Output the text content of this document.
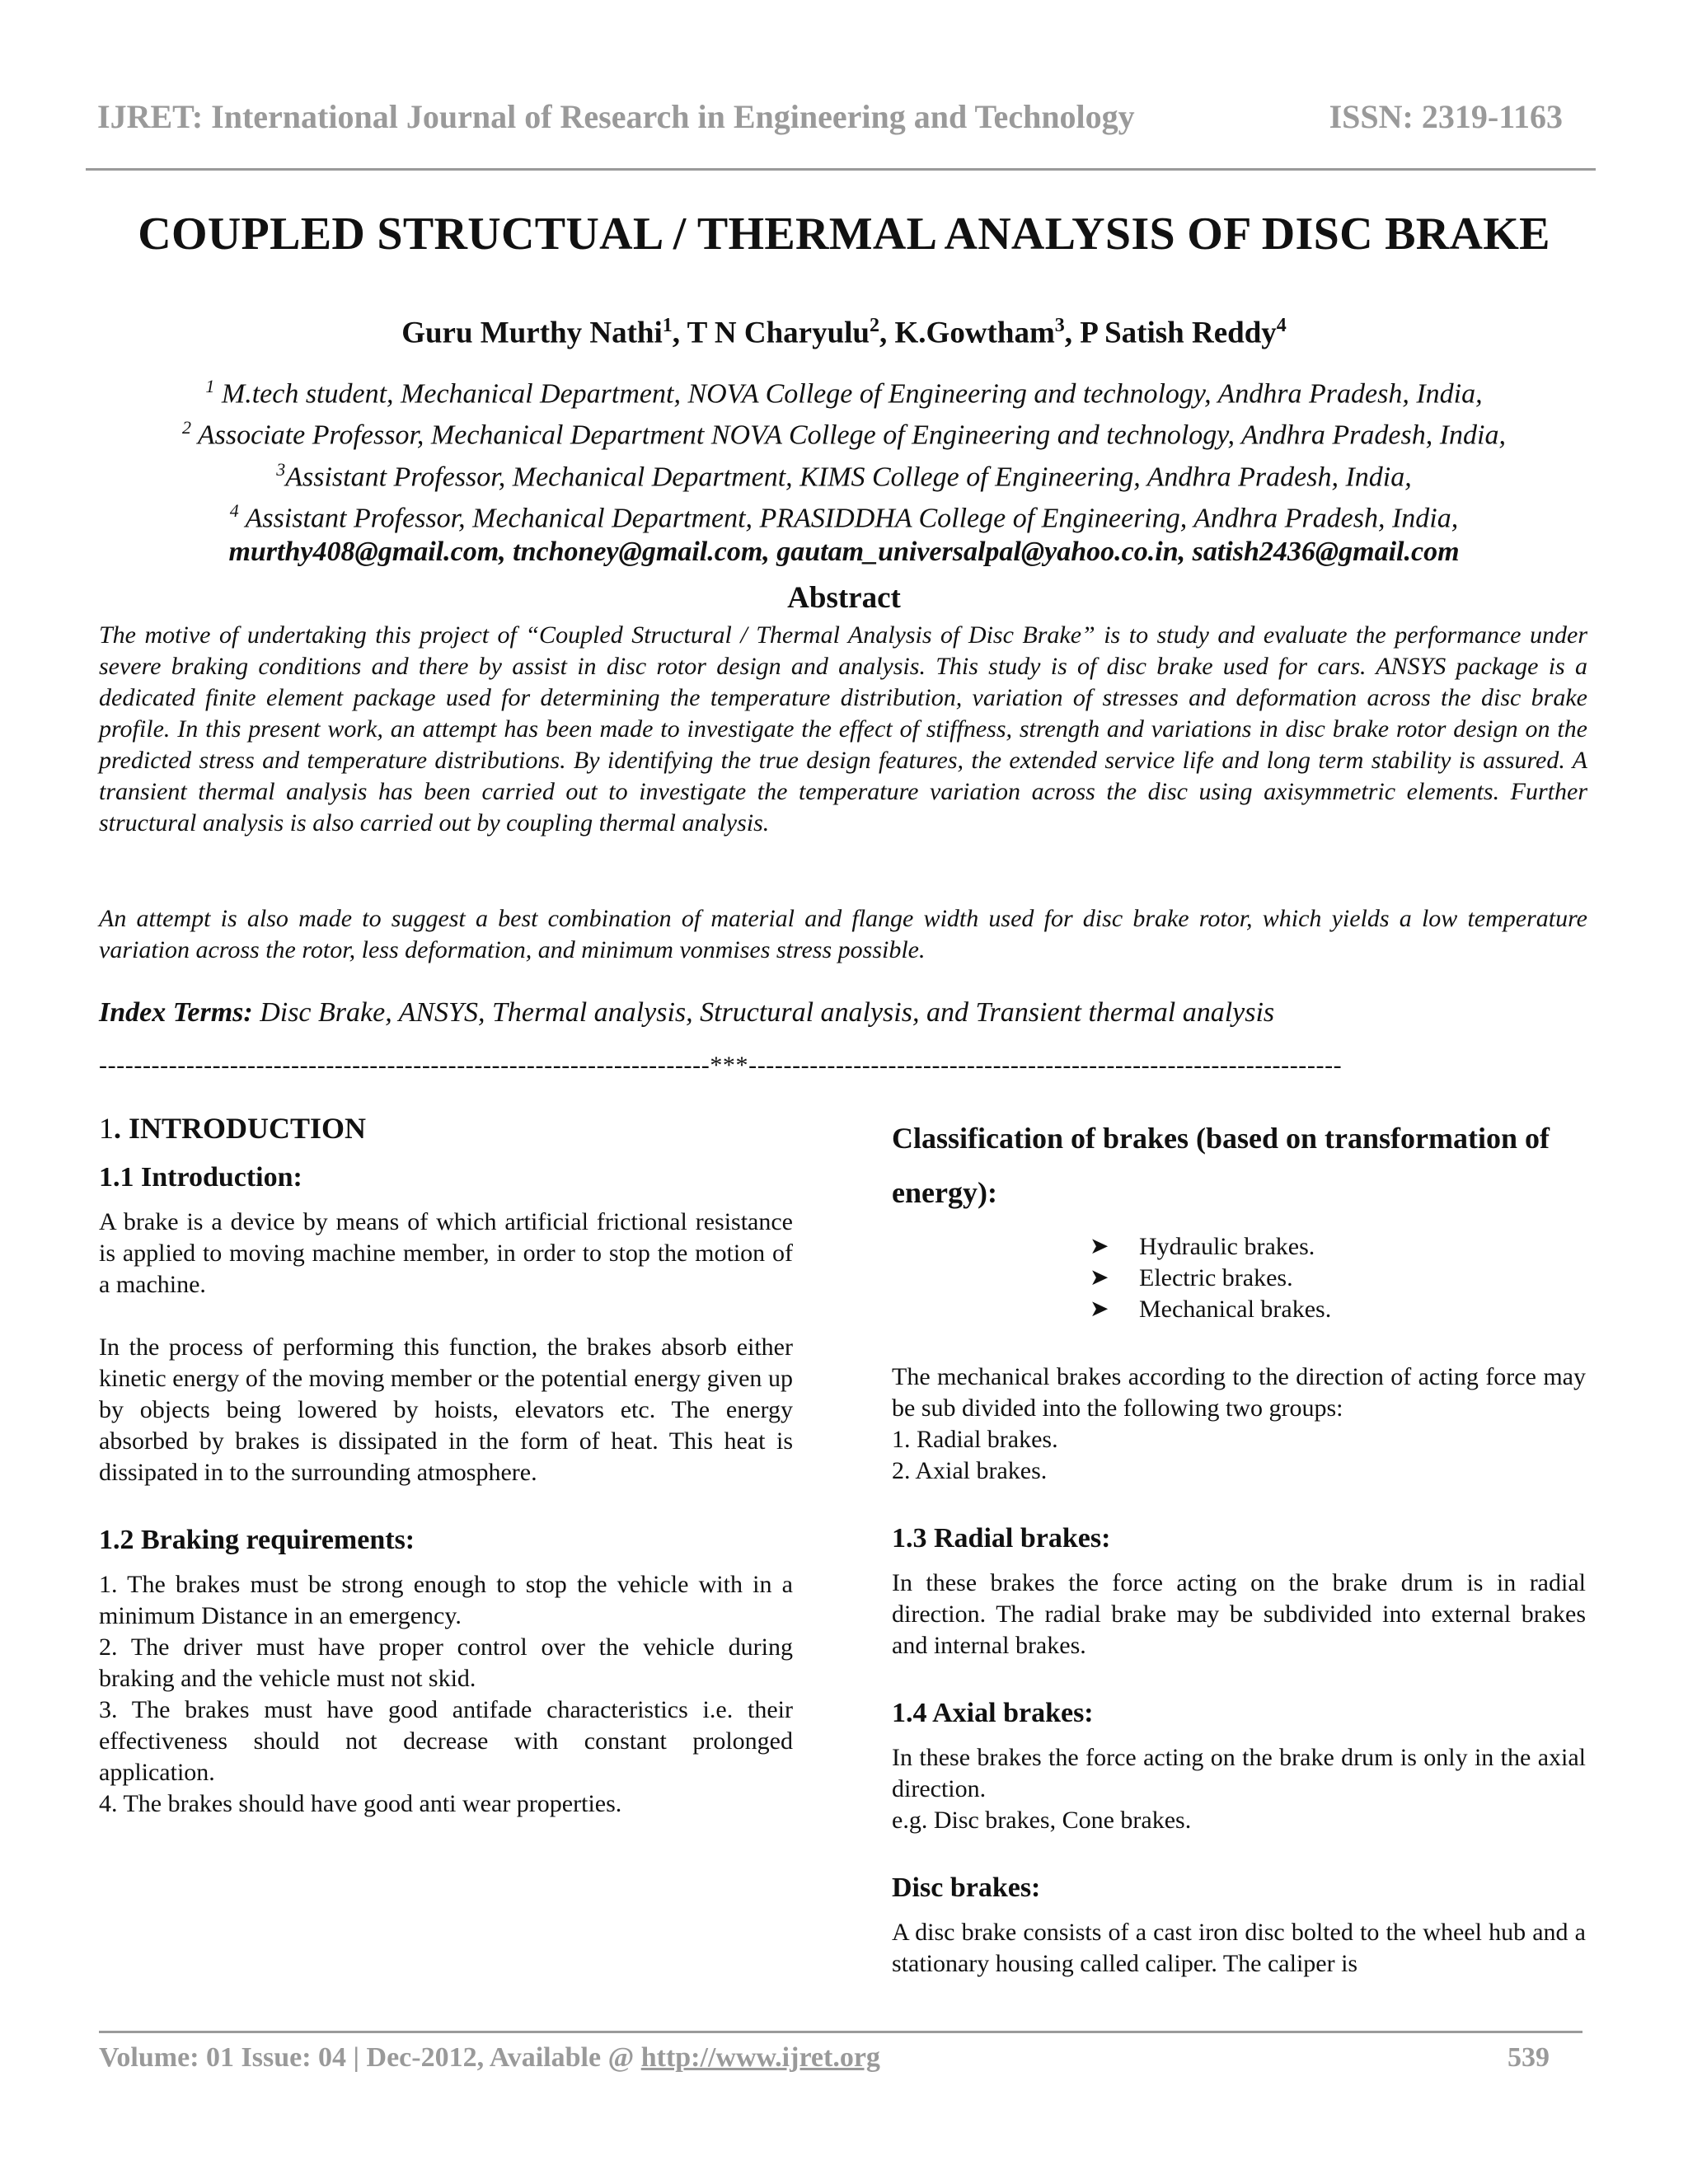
IJRET: International Journal of Research in Engineering and Technology	ISSN: 2319-1163
COUPLED STRUCTUAL / THERMAL ANALYSIS OF DISC BRAKE
Guru Murthy Nathi$^1$, T N Charyulu$^2$, K.Gowtham$^3$, P Satish Reddy$^4$
$^1$ M.tech student, Mechanical Department, NOVA College of Engineering and technology, Andhra Pradesh, India,
$^2$ Associate Professor, Mechanical Department NOVA College of Engineering and technology, Andhra Pradesh, India,
$^3$Assistant Professor, Mechanical Department, KIMS College of Engineering, Andhra Pradesh, India,
$^4$ Assistant Professor, Mechanical Department, PRASIDDHA College of Engineering, Andhra Pradesh, India,
murthy408@gmail.com, tnchoney@gmail.com, gautam_universalpal@yahoo.co.in, satish2436@gmail.com
Abstract

The motive of undertaking this project of “Coupled Structural / Thermal Analysis of Disc Brake” is to study and evaluate the performance under severe braking conditions and there by assist in disc rotor design and analysis. This study is of disc brake used for cars. ANSYS package is a dedicated finite element package used for determining the temperature distribution, variation of stresses and deformation across the disc brake profile. In this present work, an attempt has been made to investigate the effect of stiffness, strength and variations in disc brake rotor design on the predicted stress and temperature distributions. By identifying the true design features, the extended service life and long term stability is assured. A transient thermal analysis has been carried out to investigate the temperature variation across the disc using axisymmetric elements. Further structural analysis is also carried out by coupling thermal analysis.

An attempt is also made to suggest a best combination of material and flange width used for disc brake rotor, which yields a low temperature variation across the rotor, less deformation, and minimum vonmises stress possible.

Index Terms: Disc Brake, ANSYS, Thermal analysis, Structural analysis, and Transient thermal analysis
----------------------------------------------------------------------***--------------------------------------------------------------------
1. INTRODUCTION
1.1 Introduction:

A brake is a device by means of which artificial frictional resistance is applied to moving machine member, in order to stop the motion of a machine.

In the process of performing this function, the brakes absorb either kinetic energy of the moving member or the potential energy given up by objects being lowered by hoists, elevators etc. The energy absorbed by brakes is dissipated in the form of heat. This heat is dissipated in to the surrounding atmosphere.

1.2 Braking requirements:

1. The brakes must be strong enough to stop the vehicle with in a minimum Distance in an emergency.

2. The driver must have proper control over the vehicle during braking and the vehicle must not skid.

3. The brakes must have good antifade characteristics i.e. their effectiveness should not decrease with constant prolonged application.

4. The brakes should have good anti wear properties.

Classification of brakes (based on transformation of energy):

➤ Hydraulic brakes.
➤ Electric brakes.
➤ Mechanical brakes.

The mechanical brakes according to the direction of acting force may be sub divided into the following two groups:

1. Radial brakes.

2. Axial brakes.

1.3 Radial brakes:

In these brakes the force acting on the brake drum is in radial direction. The radial brake may be subdivided into external brakes and internal brakes.

1.4 Axial brakes:

In these brakes the force acting on the brake drum is only in the axial direction.

e.g. Disc brakes, Cone brakes.

Disc brakes:

A disc brake consists of a cast iron disc bolted to the wheel hub and a stationary housing called caliper. The caliper is

Volume: 01 Issue: 04 | Dec-2012, Available @ http://www.ijret.org	539
